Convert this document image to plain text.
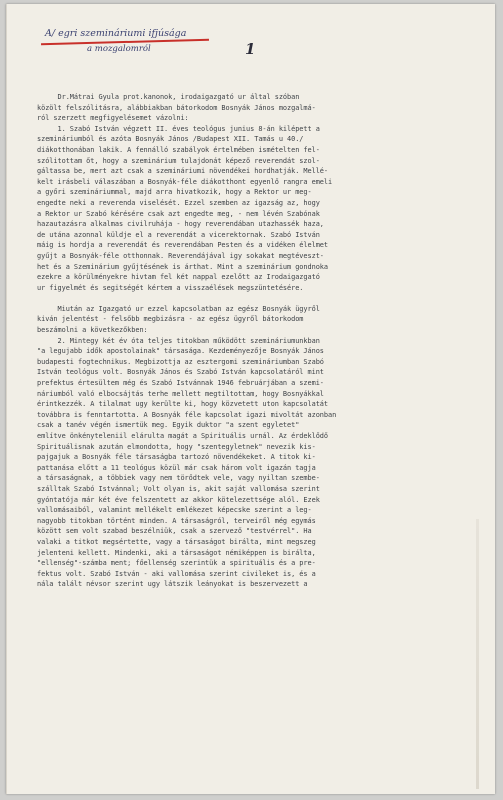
A/ egri szemináriumi ifjúsága
a mozgalomról	1
Dr.Mátrai Gyula prot.kanonok, irodaigazgató ur által szóban
közölt felszólitásra, alábbiakban bátorkodom Bosnyák János mozgalmá-
ról szerzett megfigyelésemet vázolni:
1. Szabó István végzett II. éves teológus junius 8-án kilépett a
szemináriumból és azóta Bosnyák János /Budapest XII. Tamás u 40./
diákotthonában lakik. A fennálló szabályok értelmében ismételten fel-
szólitottam őt, hogy a szeminárium tulajdonát képező reverendát szol-
gáltassa be, mert azt csak a szemináriumi növendékei hordhatják. Mellé-
kelt irásbeli válaszában a Bosnyák-féle diákotthont egyenlő rangra emeli
a győri szemináriummal, majd arra hivatkozik, hogy a Rektor ur meg-
engedte neki a reverenda viselését. Ezzel szemben az igazság az, hogy
a Rektor ur Szabó kérésére csak azt engedte meg, - nem lévén Szabónak
hazautazásra alkalmas civilruhája - hogy reverendában utazhassék haza,
de utána azonnal küldje el a reverendát a vicerektornak. Szabó István
máig is hordja a reverendát és reverendában Pesten és a vidéken élelmet
gyűjt a Bosnyák-féle otthonnak. Reverendájával igy sokakat megtéveszt-
het és a Szeminárium gyűjtésének is árthat. Mint a szeminárium gondnoka
ezekre a körülményekre hivtam fel két nappal ezelőtt az Irodaigazgató
ur figyelmét és segitségét kértem a visszaélések megszüntetésére.
Miután az Igazgató ur ezzel kapcsolatban az egész Bosnyák ügyről
kiván jelentést - felsőbb megbizásra - az egész ügyről bátorkodom
beszámolni a következőkben:
2. Mintegy két év óta teljes titokban működött szemináriumunkban
"a legujabb idők apostolainak" társasága. Kezdeményezője Bosnyák János
budapesti fogtechnikus. Megbizottja az esztergomi szemináriumban Szabó
István teológus volt. Bosnyák János és Szabó István kapcsolatáról mint
prefektus értesültem még és Szabó Istvánnak 1946 februárjában a szemi-
náriumból való elbocsájtás terhe mellett megtiltottam, hogy Bosnyákkal
érintkezzék. A tilalmat ugy kerülte ki, hogy közvetett uton kapcsolatát
továbbra is fenntartotta. A Bosnyák féle kapcsolat igazi mivoltát azonban
csak a tanév végén ismertük meg. Egyik duktor "a szent egyletet"
említve önkényteleniil elárulta magát a Spirituális urnál. Az érdeklődő
Spirituálisnak azután elmondotta, hogy "szentegyletnek" nevezik kis-
pajgajuk a Bosnyák féle társaságba tartozó növendékeket. A titok ki-
pattanása előtt a 11 teológus közül már csak három volt igazán tagja
a társaságnak, a többiek vagy nem törődtek vele, vagy nyiltan szembe-
szálltak Szabó Istvánnal; Volt olyan is, akit saját vallomása szerint
gyóntatója már két éve felszentett az akkor kötelezettsége alól. Ezek
vallomásaiból, valamint mellékelt emlékezet képecske szerint a leg-
nagyobb titokban történt minden. A társaságról, terveiről még egymás
között sem volt szabad beszélniük, csak a szervező "testvérrel". Ha
valaki a titkot megsértette, vagy a társaságot birálta, mint megszeg
jelenteni kellett. Mindenki, aki a társaságot némiképpen is birálta,
"ellenség"-számba ment; főellenség szerintük a spirituális és a pre-
fektus volt. Szabó István - aki vallomása szerint civileket is, és a
nála talált névsor szerint ugy látszik leányokat is beszervezett a
